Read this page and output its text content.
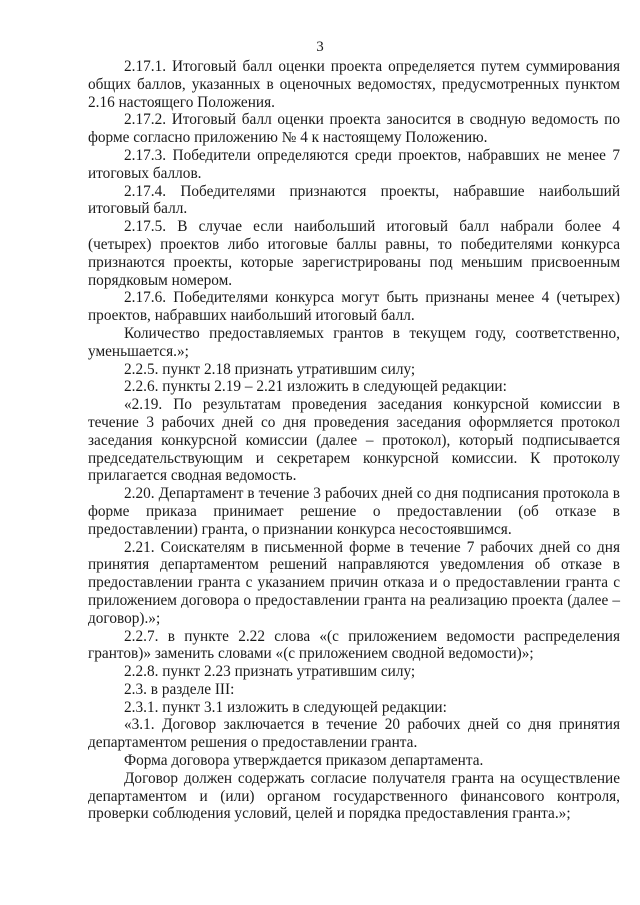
3

2.17.1. Итоговый балл оценки проекта определяется путем суммирования общих баллов, указанных в оценочных ведомостях, предусмотренных пунктом 2.16 настоящего Положения.

2.17.2. Итоговый балл оценки проекта заносится в сводную ведомость по форме согласно приложению № 4 к настоящему Положению.

2.17.3. Победители определяются среди проектов, набравших не менее 7 итоговых баллов.

2.17.4. Победителями признаются проекты, набравшие наибольший итоговый балл.

2.17.5. В случае если наибольший итоговый балл набрали более 4 (четырех) проектов либо итоговые баллы равны, то победителями конкурса признаются проекты, которые зарегистрированы под меньшим присвоенным порядковым номером.

2.17.6. Победителями конкурса могут быть признаны менее 4 (четырех) проектов, набравших наибольший итоговый балл.

Количество предоставляемых грантов в текущем году, соответственно, уменьшается.»;

2.2.5. пункт 2.18 признать утратившим силу;

2.2.6. пункты 2.19 – 2.21 изложить в следующей редакции:

«2.19. По результатам проведения заседания конкурсной комиссии в течение 3 рабочих дней со дня проведения заседания оформляется протокол заседания конкурсной комиссии (далее – протокол), который подписывается председательствующим и секретарем конкурсной комиссии. К протоколу прилагается сводная ведомость.

2.20. Департамент в течение 3 рабочих дней со дня подписания протокола в форме приказа принимает решение о предоставлении (об отказе в предоставлении) гранта, о признании конкурса несостоявшимся.

2.21. Соискателям в письменной форме в течение 7 рабочих дней со дня принятия департаментом решений направляются уведомления об отказе в предоставлении гранта с указанием причин отказа и о предоставлении гранта с приложением договора о предоставлении гранта на реализацию проекта (далее – договор).»;

2.2.7. в пункте 2.22 слова «(с приложением ведомости распределения грантов)» заменить словами «(с приложением сводной ведомости)»;

2.2.8. пункт 2.23 признать утратившим силу;

2.3. в разделе III:

2.3.1. пункт 3.1 изложить в следующей редакции:

«3.1. Договор заключается в течение 20 рабочих дней со дня принятия департаментом решения о предоставлении гранта.

Форма договора утверждается приказом департамента.

Договор должен содержать согласие получателя гранта на осуществление департаментом и (или) органом государственного финансового контроля, проверки соблюдения условий, целей и порядка предоставления гранта.»;
